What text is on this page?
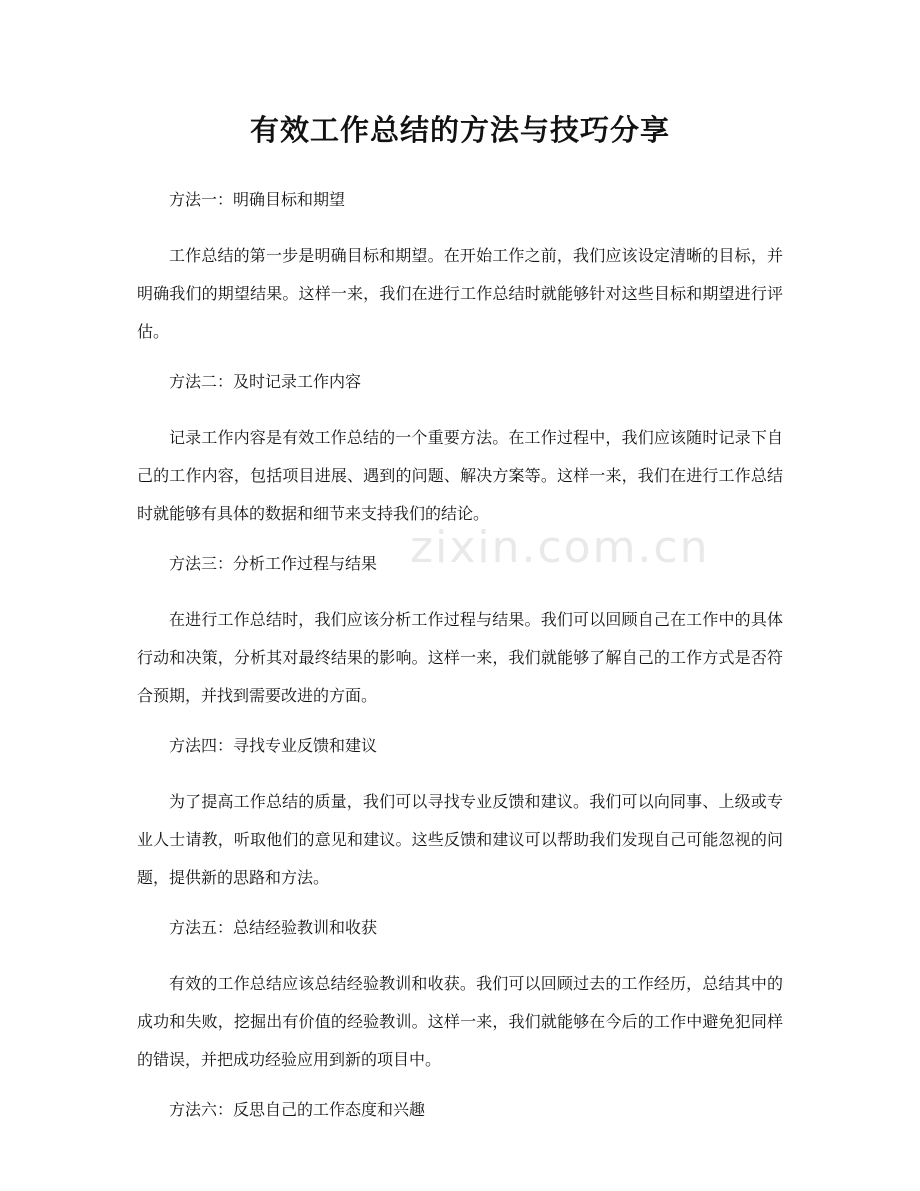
有效工作总结的方法与技巧分享
zixin.com.cn

方法一：明确目标和期望

工作总结的第一步是明确目标和期望。在开始工作之前，我们应该设定清晰的目标，并明确我们的期望结果。这样一来，我们在进行工作总结时就能够针对这些目标和期望进行评估。

方法二：及时记录工作内容

记录工作内容是有效工作总结的一个重要方法。在工作过程中，我们应该随时记录下自己的工作内容，包括项目进展、遇到的问题、解决方案等。这样一来，我们在进行工作总结时就能够有具体的数据和细节来支持我们的结论。

方法三：分析工作过程与结果

在进行工作总结时，我们应该分析工作过程与结果。我们可以回顾自己在工作中的具体行动和决策，分析其对最终结果的影响。这样一来，我们就能够了解自己的工作方式是否符合预期，并找到需要改进的方面。

方法四：寻找专业反馈和建议

为了提高工作总结的质量，我们可以寻找专业反馈和建议。我们可以向同事、上级或专业人士请教，听取他们的意见和建议。这些反馈和建议可以帮助我们发现自己可能忽视的问题，提供新的思路和方法。

方法五：总结经验教训和收获

有效的工作总结应该总结经验教训和收获。我们可以回顾过去的工作经历，总结其中的成功和失败，挖掘出有价值的经验教训。这样一来，我们就能够在今后的工作中避免犯同样的错误，并把成功经验应用到新的项目中。

方法六：反思自己的工作态度和兴趣
